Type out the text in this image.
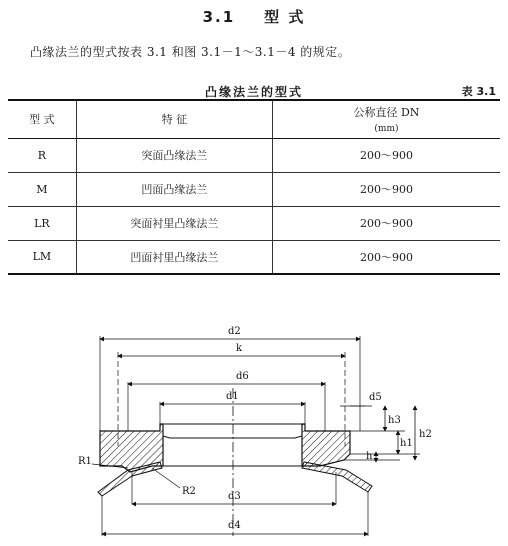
3.1 型 式
凸缘法兰的型式按表 3.1 和图 3.1－1～3.1－4 的规定。
凸缘法兰的型式	表 3.1
型 式	特 征	公称直径 DN
(mm)

R	突面凸缘法兰	200～900
M	凹面凸缘法兰	200～900
LR	突面衬里凸缘法兰	200～900
LM	凹面衬里凸缘法兰	200～900
d2
k
d6
d1	d5
h3
h1
h2
h
R1
R2	d3
d4
